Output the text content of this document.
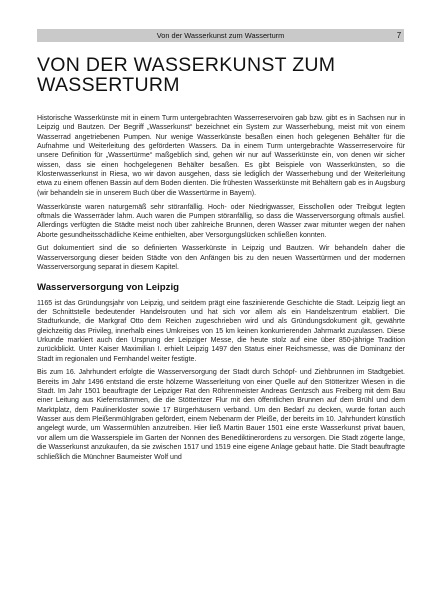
Von der Wasserkunst zum Wasserturm	7
VON DER WASSERKUNST ZUM WASSERTURM

Historische Wasserkünste mit in einem Turm untergebrachten Wasserreservoiren gab bzw. gibt es in Sachsen nur in Leipzig und Bautzen. Der Begriff „Wasserkunst“ bezeichnet ein System zur Wasserhebung, meist mit von einem Wasserrad angetriebenen Pumpen. Nur wenige Wasserkünste besaßen einen hoch gelegenen Behälter für die Aufnahme und Weiterleitung des geförderten Wassers. Da in einem Turm untergebrachte Wasserreservoire für unsere Definition für „Wassertürme“ maßgeblich sind, gehen wir nur auf Wasserkünste ein, von denen wir sicher wissen, dass sie einen hochgelegenen Behälter besaßen. Es gibt Beispiele von Wasserkünsten, so die Klosterwasserkunst in Riesa, wo wir davon ausgehen, dass sie lediglich der Wasserhebung und der Weiterleitung etwa zu einem offenen Bassin auf dem Boden dienten. Die frühesten Wasserkünste mit Behältern gab es in Augsburg (wir behandeln sie in unserem Buch über die Wassertürme in Bayern).

Wasserkünste waren naturgemäß sehr störanfällig. Hoch- oder Niedrigwasser, Eisschollen oder Treibgut legten oftmals die Wasserräder lahm. Auch waren die Pumpen störanfällig, so dass die Wasserversorgung oftmals ausfiel. Allerdings verfügten die Städte meist noch über zahlreiche Brunnen, deren Wasser zwar mitunter wegen der nahen Aborte gesundheitsschädliche Keime enthielten, aber Versorgungslücken schließen konnten.

Gut dokumentiert sind die so definierten Wasserkünste in Leipzig und Bautzen. Wir behandeln daher die Wasserversorgung dieser beiden Städte von den Anfängen bis zu den neuen Wassertürmen und der modernen Wasserversorgung separat in diesem Kapitel.

Wasserversorgung von Leipzig

1165 ist das Gründungsjahr von Leipzig, und seitdem prägt eine faszinierende Geschichte die Stadt. Leipzig liegt an der Schnittstelle bedeutender Handelsrouten und hat sich vor allem als ein Handelszentrum etabliert. Die Stadturkunde, die Markgraf Otto dem Reichen zugeschrieben wird und als Gründungsdokument gilt, gewährte gleichzeitig das Privileg, innerhalb eines Umkreises von 15 km keinen konkurrierenden Jahrmarkt zuzulassen. Diese Urkunde markiert auch den Ursprung der Leipziger Messe, die heute stolz auf eine über 850-jährige Tradition zurückblickt. Unter Kaiser Maximilian I. erhielt Leipzig 1497 den Status einer Reichsmesse, was die Dominanz der Stadt im regionalen und Fernhandel weiter festigte.

Bis zum 16. Jahrhundert erfolgte die Wasserversorgung der Stadt durch Schöpf- und Ziehbrunnen im Stadtgebiet. Bereits im Jahr 1496 entstand die erste hölzerne Wasserleitung von einer Quelle auf den Stötteritzer Wiesen in die Stadt. Im Jahr 1501 beauftragte der Leipziger Rat den Röhrenmeister Andreas Gentzsch aus Freiberg mit dem Bau einer Leitung aus Kiefernstämmen, die die Stötteritzer Flur mit den öffentlichen Brunnen auf dem Brühl und dem Marktplatz, dem Paulinerkloster sowie 17 Bürgerhäusern verband. Um den Bedarf zu decken, wurde fortan auch Wasser aus dem Pleißenmühlgraben gefördert, einem Nebenarm der Pleiße, der bereits im 10. Jahrhundert künstlich angelegt wurde, um Wassermühlen anzutreiben. Hier ließ Martin Bauer 1501 eine erste Wasserkunst privat bauen, vor allem um die Wasserspiele im Garten der Nonnen des Benediktinerordens zu versorgen. Die Stadt zögerte lange, die Wasserkunst anzukaufen, da sie zwischen 1517 und 1519 eine eigene Anlage gebaut hatte. Die Stadt beauftragte schließlich die Münchner Baumeister Wolf und
